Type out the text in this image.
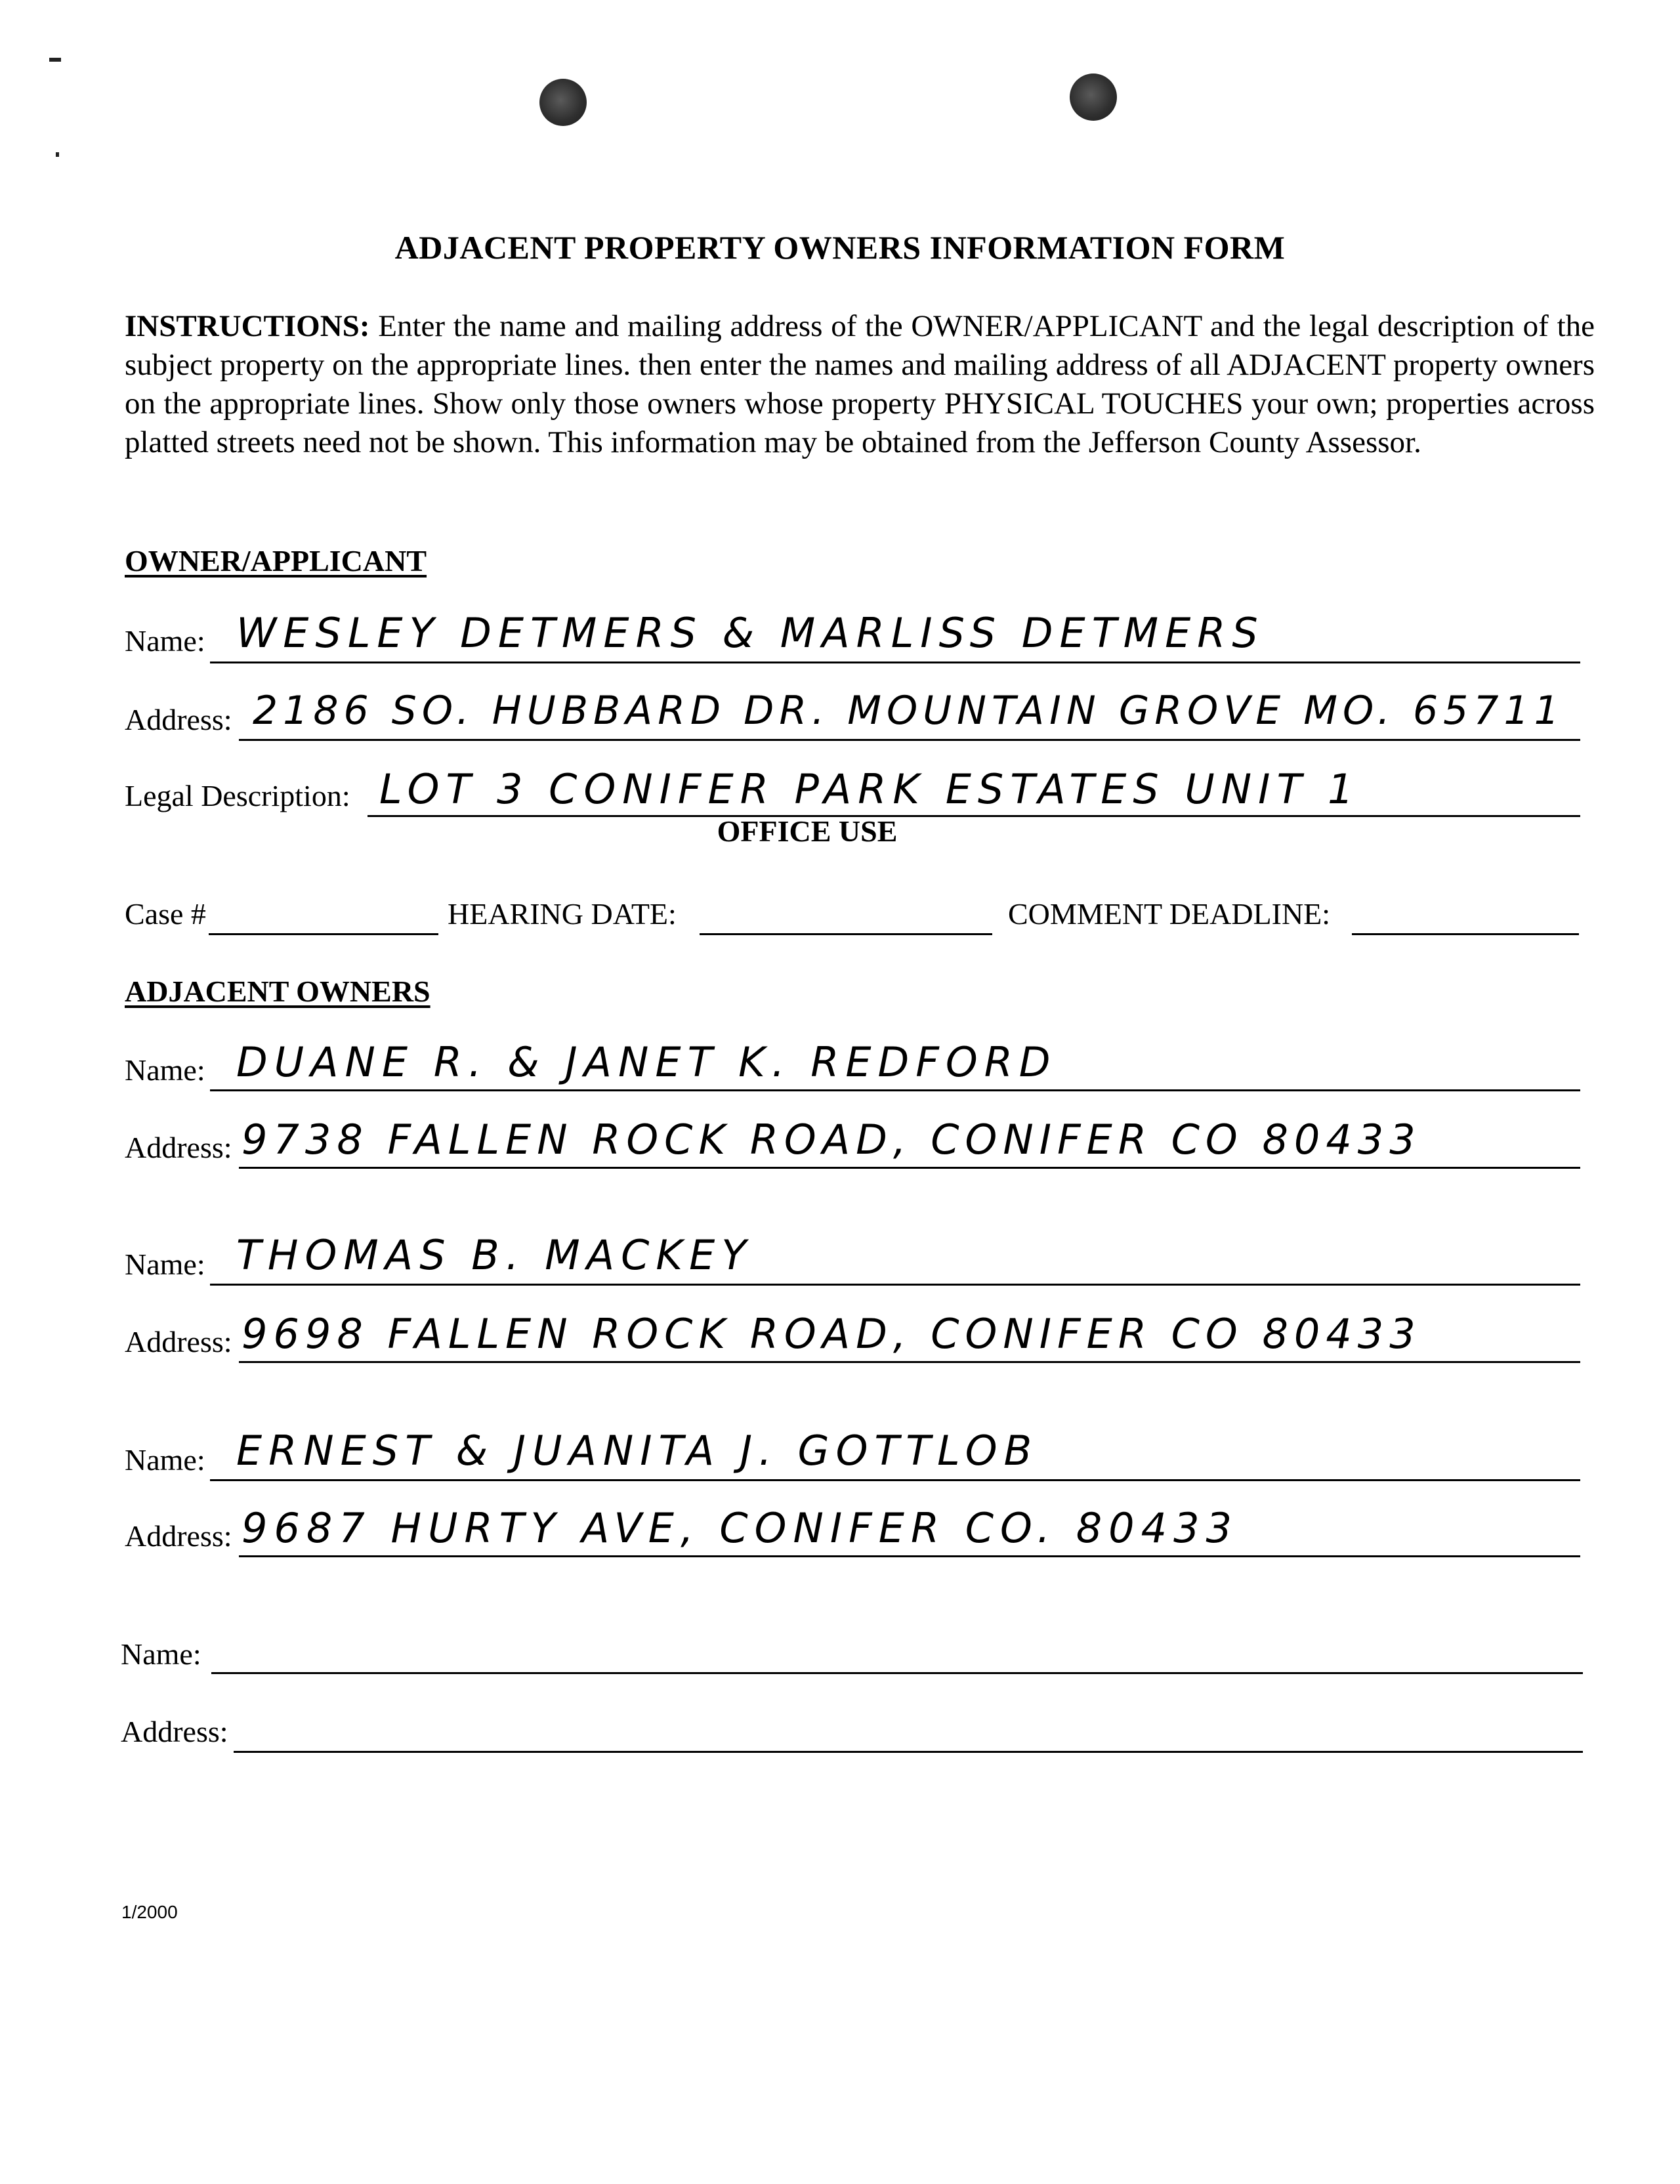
ADJACENT PROPERTY OWNERS INFORMATION FORM
INSTRUCTIONS: Enter the name and mailing address of the OWNER/APPLICANT and the legal description of the subject property on the appropriate lines. then enter the names and mailing address of all ADJACENT property owners on the appropriate lines. Show only those owners whose property PHYSICAL TOUCHES your own; properties across platted streets need not be shown. This information may be obtained from the Jefferson County Assessor.
OWNER/APPLICANT
Name: WESLEY DETMERS & MARLISS DETMERS
Address: 2186 SO. HUBBARD DR. MOUNTAIN GROVE MO. 65711
Legal Description: LOT 3 CONIFER PARK ESTATES UNIT 1
OFFICE USE
Case #	HEARING DATE:	COMMENT DEADLINE:
ADJACENT OWNERS
Name: DUANE R. & JANET K. REDFORD
Address: 9738 FALLEN ROCK ROAD, CONIFER CO 80433
Name: THOMAS B. MACKEY
Address: 9698 FALLEN ROCK ROAD, CONIFER CO 80433
Name: ERNEST & JUANITA J. GOTTLOB
Address: 9687 HURTY AVE, CONIFER CO. 80433
Name:
Address:
1/2000
